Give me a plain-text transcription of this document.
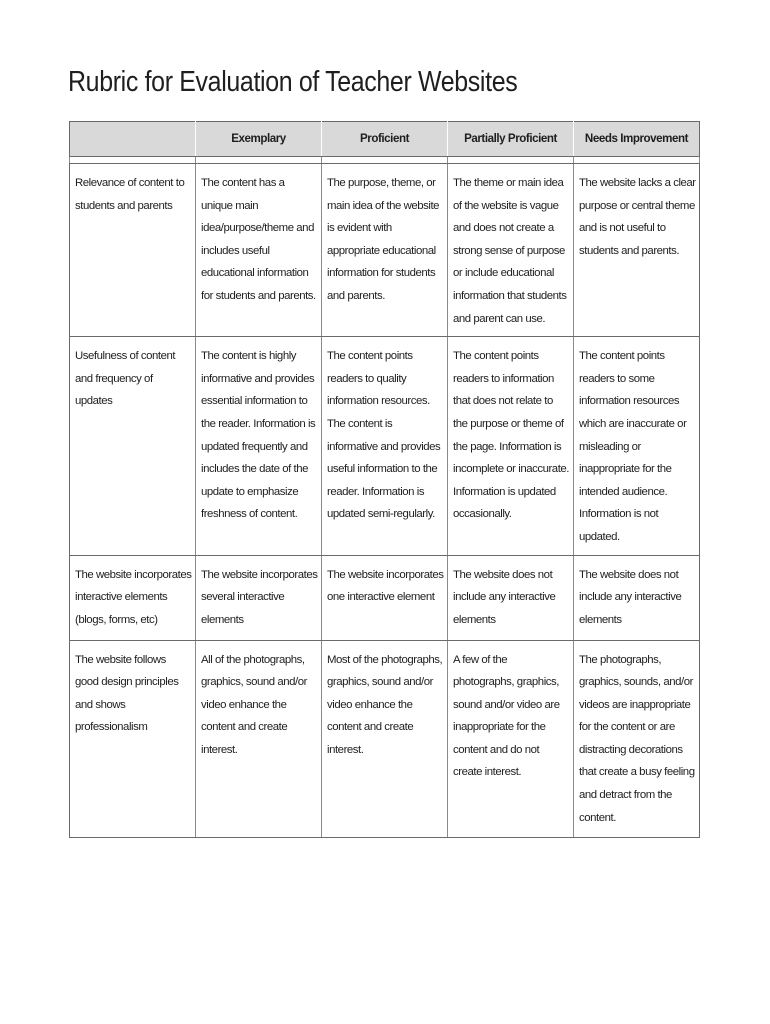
Rubric for Evaluation of Teacher Websites
	Exemplary	Proficient	Partially Proficient	Needs Improvement

Relevance of content to students and parents	The content has a unique main idea/purpose/theme and includes useful educational information for students and parents.	The purpose, theme, or main idea of the website is evident with appropriate educational information for students and parents.	The theme or main idea of the website is vague and does not create a strong sense of purpose or include educational information that students and parent can use.	The website lacks a clear purpose or central theme and is not useful to students and parents.
Usefulness of content and frequency of updates	The content is highly informative and provides essential information to the reader. Information is updated frequently and includes the date of the update to emphasize freshness of content.	The content points readers to quality information resources. The content is informative and provides useful information to the reader. Information is updated semi-regularly.	The content points readers to information that does not relate to the purpose or theme of the page. Information is incomplete or inaccurate. Information is updated occasionally.	The content points readers to some information resources which are inaccurate or misleading or inappropriate for the intended audience. Information is not updated.
The website incorporates interactive elements (blogs, forms, etc)	The website incorporates several interactive elements	The website incorporates one interactive element	The website does not include any interactive elements	The website does not include any interactive elements
The website follows good design principles and shows professionalism	All of the photographs, graphics, sound and/or video enhance the content and create interest.	Most of the photographs, graphics, sound and/or video enhance the content and create interest.	A few of the photographs, graphics, sound and/or video are inappropriate for the content and do not create interest.	The photographs, graphics, sounds, and/or videos are inappropriate for the content or are distracting decorations that create a busy feeling and detract from the content.
